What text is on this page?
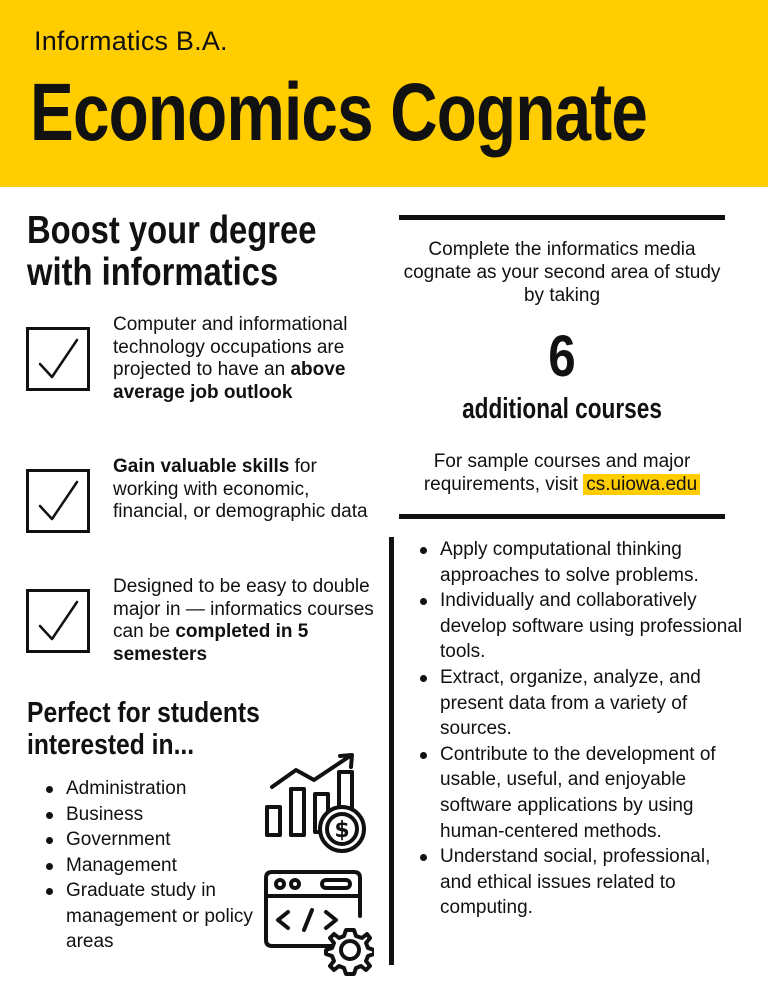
Informatics B.A.
Economics Cognate
Boost your degree
with informatics
Computer and informational technology occupations are projected to have an above average job outlook
Gain valuable skills for working with economic, financial, or demographic data
Designed to be easy to double major in — informatics courses can be completed in 5 semesters
Perfect for students
interested in...
Administration
Business
Government
Management
Graduate study in management or policy areas
$
Complete the informatics media cognate as your second area of study by taking
6
additional courses
For sample courses and major requirements, visit cs.uiowa.edu
Apply computational thinking approaches to solve problems.
Individually and collaboratively develop software using professional tools.
Extract, organize, analyze, and present data from a variety of sources.
Contribute to the development of usable, useful, and enjoyable software applications by using human-centered methods.
Understand social, professional, and ethical issues related to computing.
